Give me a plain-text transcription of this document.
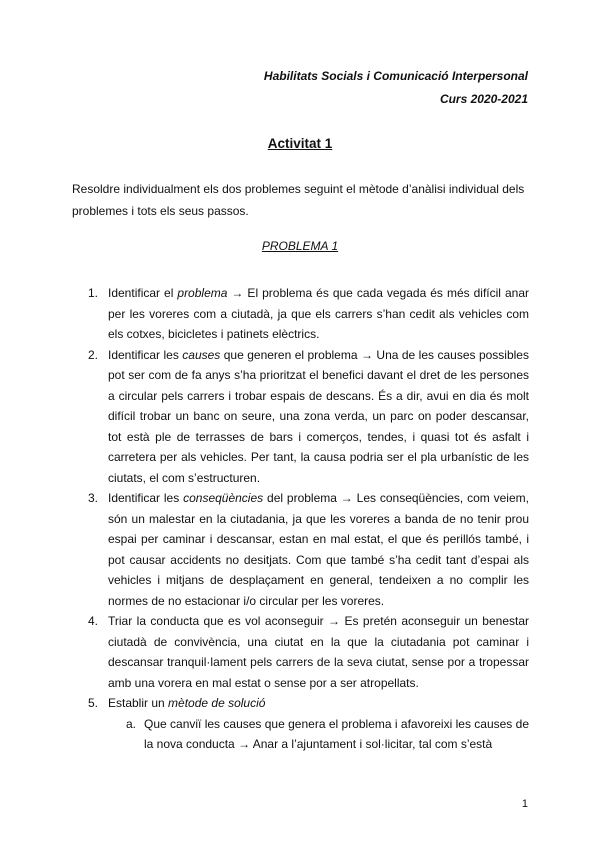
Habilitats Socials i Comunicació Interpersonal
Curs 2020-2021
Activitat 1
Resoldre individualment els dos problemes seguint el mètode d’anàlisi individual dels problemes i tots els seus passos.
PROBLEMA 1
1. Identificar el problema → El problema és que cada vegada és més difícil anar per les voreres com a ciutadà, ja que els carrers s’han cedit als vehicles com els cotxes, bicicletes i patinets elèctrics.
2. Identificar les causes que generen el problema → Una de les causes possibles pot ser com de fa anys s’ha prioritzat el benefici davant el dret de les persones a circular pels carrers i trobar espais de descans. És a dir, avui en dia és molt difícil trobar un banc on seure, una zona verda, un parc on poder descansar, tot està ple de terrasses de bars i comerços, tendes, i quasi tot és asfalt i carretera per als vehicles. Per tant, la causa podria ser el pla urbanístic de les ciutats, el com s’estructuren.
3. Identificar les conseqüències del problema → Les conseqüències, com veiem, són un malestar en la ciutadania, ja que les voreres a banda de no tenir prou espai per caminar i descansar, estan en mal estat, el que és perillós també, i pot causar accidents no desitjats. Com que també s’ha cedit tant d’espai als vehicles i mitjans de desplaçament en general, tendeixen a no complir les normes de no estacionar i/o circular per les voreres.
4. Triar la conducta que es vol aconseguir → Es pretén aconseguir un benestar ciutadà de convivència, una ciutat en la que la ciutadania pot caminar i descansar tranquil·lament pels carrers de la seva ciutat, sense por a tropessar amb una vorera en mal estat o sense por a ser atropellats.
5. Establir un mètode de solució
a. Que canviï les causes que genera el problema i afavoreixi les causes de la nova conducta → Anar a l’ajuntament i sol·licitar, tal com s’està
1
